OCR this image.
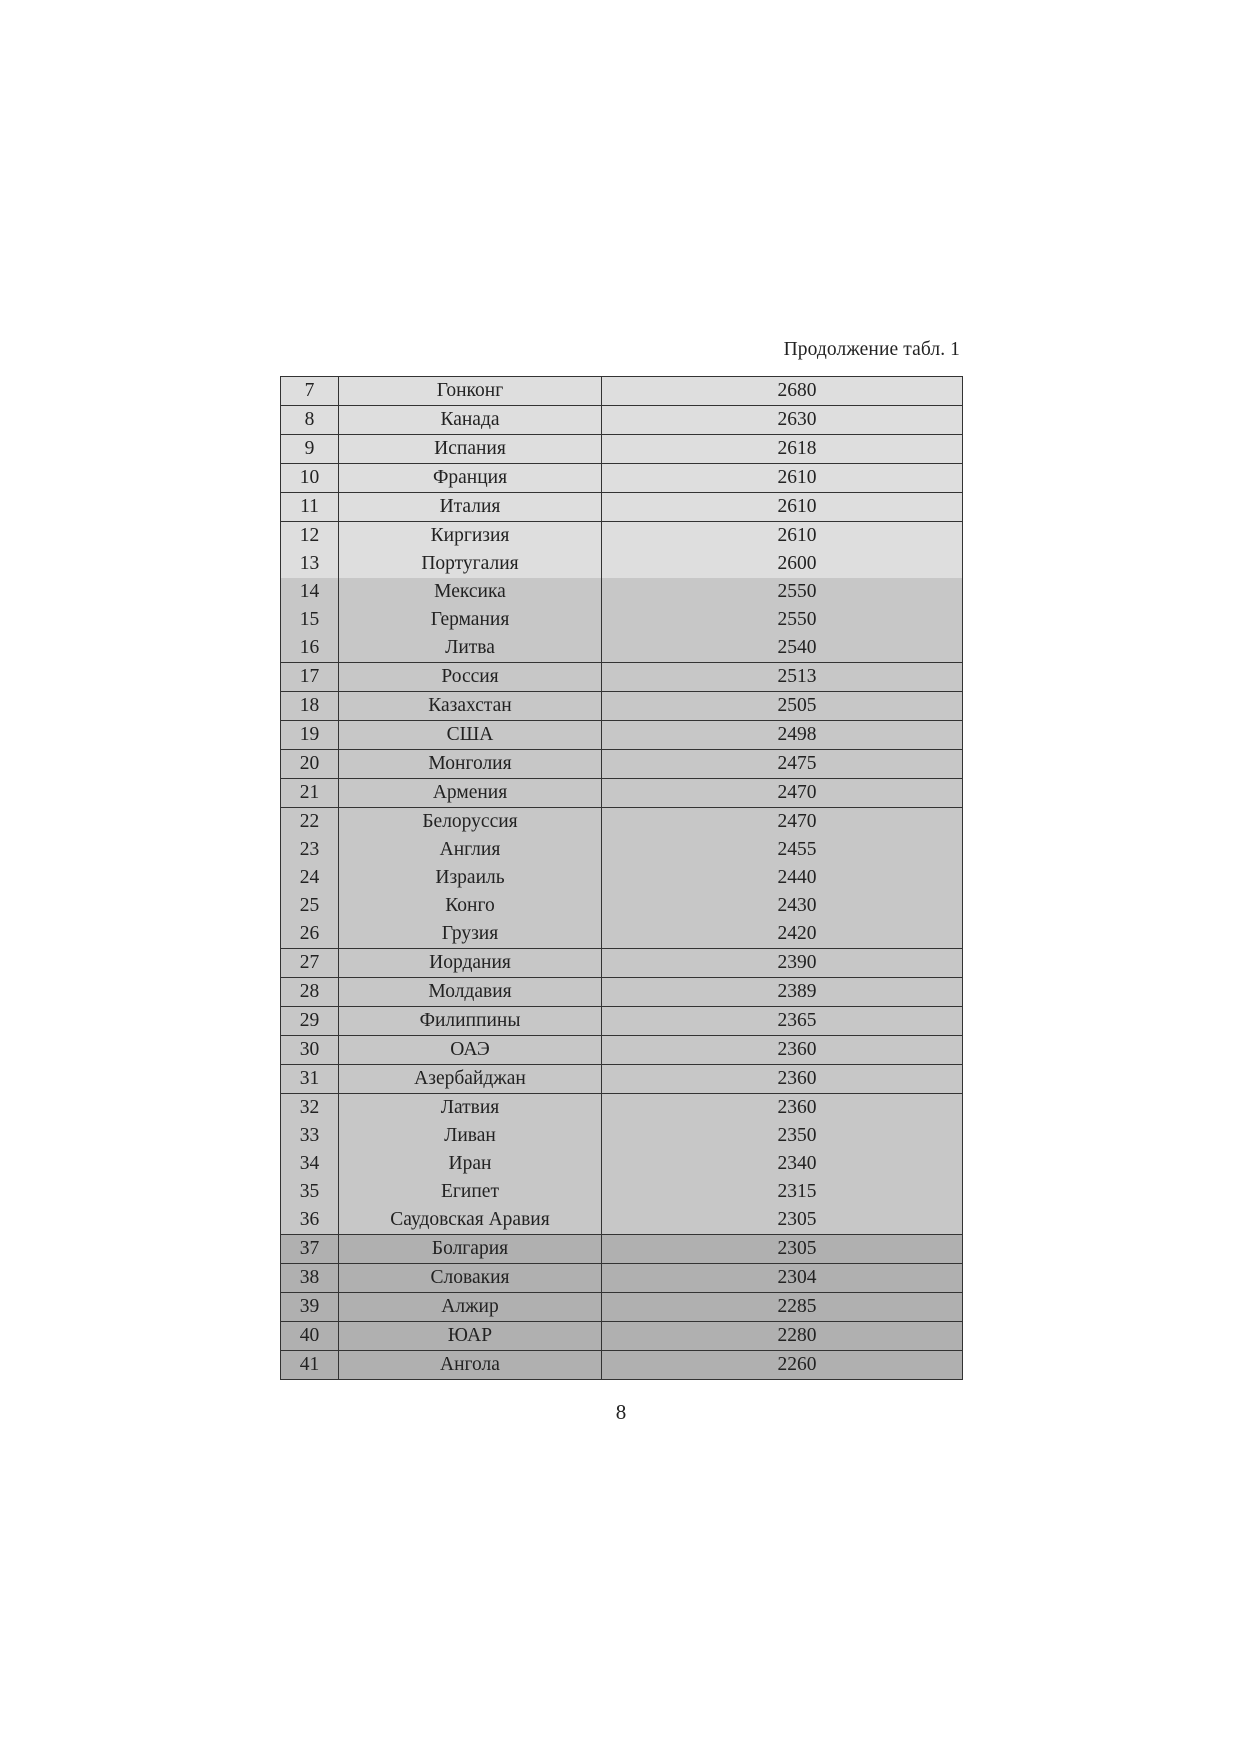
Продолжение табл. 1
7	Гонконг	2680
8	Канада	2630
9	Испания	2618
10	Франция	2610
11	Италия	2610
12	Киргизия	2610
13	Португалия	2600
14	Мексика	2550
15	Германия	2550
16	Литва	2540
17	Россия	2513
18	Казахстан	2505
19	США	2498
20	Монголия	2475
21	Армения	2470
22	Белоруссия	2470
23	Англия	2455
24	Израиль	2440
25	Конго	2430
26	Грузия	2420
27	Иордания	2390
28	Молдавия	2389
29	Филиппины	2365
30	ОАЭ	2360
31	Азербайджан	2360
32	Латвия	2360
33	Ливан	2350
34	Иран	2340
35	Египет	2315
36	Саудовская Аравия	2305
37	Болгария	2305
38	Словакия	2304
39	Алжир	2285
40	ЮАР	2280
41	Ангола	2260
8
